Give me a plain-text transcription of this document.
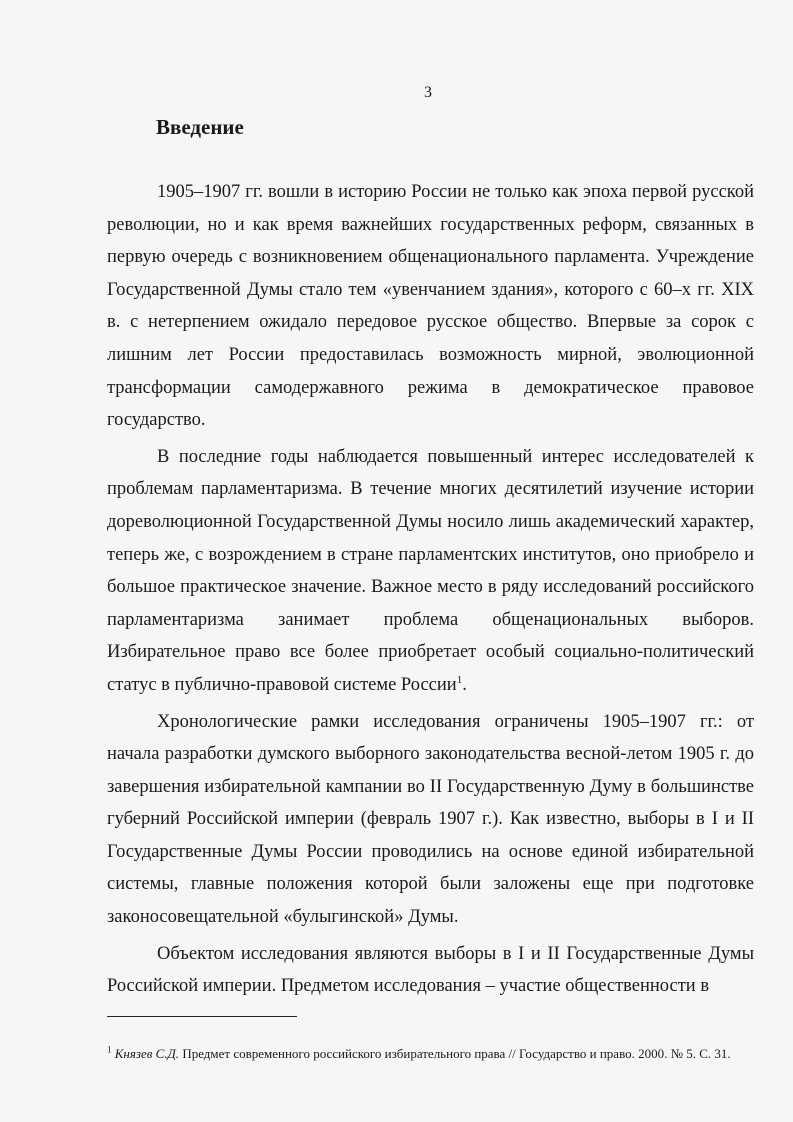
3
Введение

1905–1907 гг. вошли в историю России не только как эпоха первой русской революции, но и как время важнейших государственных реформ, связанных в первую очередь с возникновением общенационального парламента. Учреждение Государственной Думы стало тем «увенчанием здания», которого с 60–х гг. XIX в. с нетерпением ожидало передовое русское общество. Впервые за сорок с лишним лет России предоставилась возможность мирной, эволюционной трансформации самодержавного режима в демократическое правовое государство.

В последние годы наблюдается повышенный интерес исследователей к проблемам парламентаризма. В течение многих десятилетий изучение истории дореволюционной Государственной Думы носило лишь академический характер, теперь же, с возрождением в стране парламентских институтов, оно приобрело и большое практическое значение. Важное место в ряду исследований российского парламентаризма занимает проблема общенациональных выборов. Избирательное право все более приобретает особый социально-политический статус в публично-правовой системе России$^1$.

Хронологические рамки исследования ограничены 1905–1907 гг.: от начала разработки думского выборного законодательства весной-летом 1905 г. до завершения избирательной кампании во II Государственную Думу в большинстве губерний Российской империи (февраль 1907 г.). Как известно, выборы в I и II Государственные Думы России проводились на основе единой избирательной системы, главные положения которой были заложены еще при подготовке законосовещательной «булыгинской» Думы.

Объектом исследования являются выборы в I и II Государственные Думы Российской империи. Предметом исследования – участие общественности в

$^1$ Князев С.Д. Предмет современного российского избирательного права // Государство и право. 2000. № 5. С. 31.
